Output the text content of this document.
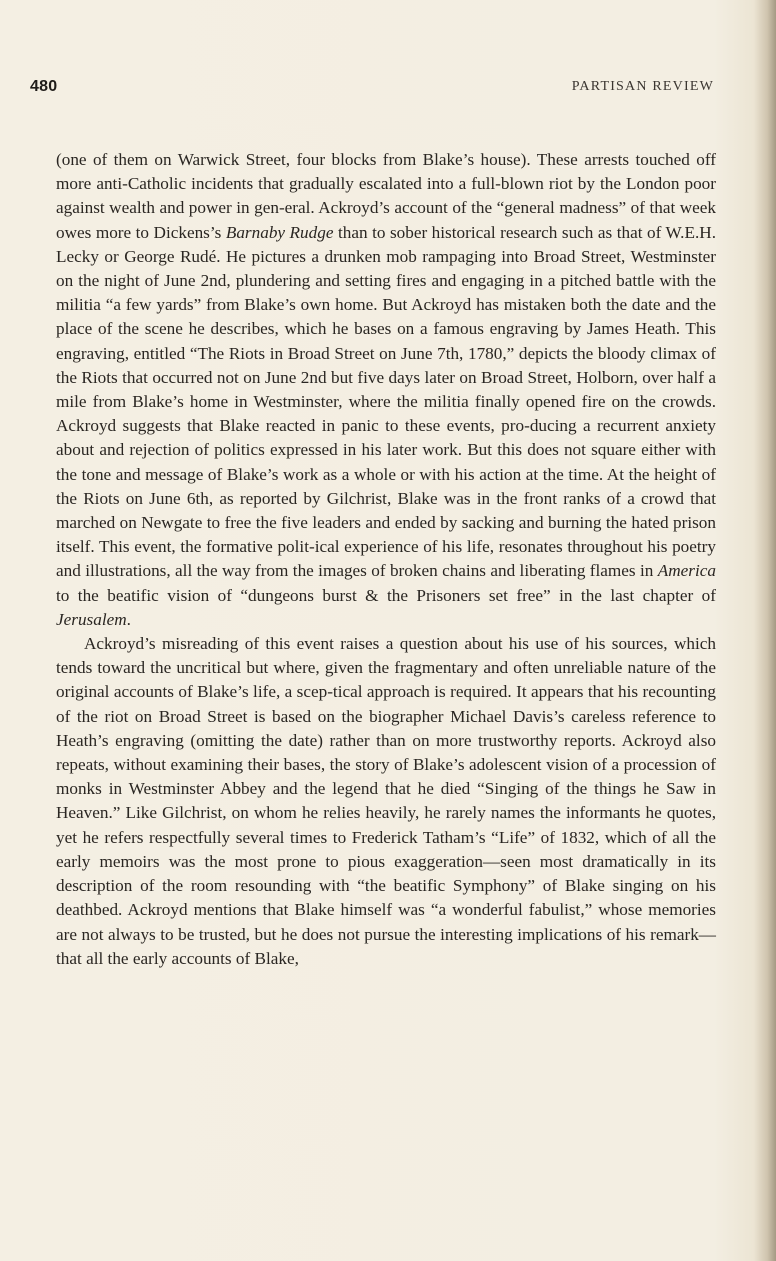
480	PARTISAN REVIEW

(one of them on Warwick Street, four blocks from Blake’s house). These arrests touched off more anti-Catholic incidents that gradually escalated into a full-blown riot by the London poor against wealth and power in gen-eral. Ackroyd’s account of the “general madness” of that week owes more to Dickens’s Barnaby Rudge than to sober historical research such as that of W.E.H. Lecky or George Rudé. He pictures a drunken mob rampaging into Broad Street, Westminster on the night of June 2nd, plundering and setting fires and engaging in a pitched battle with the militia “a few yards” from Blake’s own home. But Ackroyd has mistaken both the date and the place of the scene he describes, which he bases on a famous engraving by James Heath. This engraving, entitled “The Riots in Broad Street on June 7th, 1780,” depicts the bloody climax of the Riots that occurred not on June 2nd but five days later on Broad Street, Holborn, over half a mile from Blake’s home in Westminster, where the militia finally opened fire on the crowds. Ackroyd suggests that Blake reacted in panic to these events, pro-ducing a recurrent anxiety about and rejection of politics expressed in his later work. But this does not square either with the tone and message of Blake’s work as a whole or with his action at the time. At the height of the Riots on June 6th, as reported by Gilchrist, Blake was in the front ranks of a crowd that marched on Newgate to free the five leaders and ended by sacking and burning the hated prison itself. This event, the formative polit-ical experience of his life, resonates throughout his poetry and illustrations, all the way from the images of broken chains and liberating flames in America to the beatific vision of “dungeons burst & the Prisoners set free” in the last chapter of Jerusalem.

Ackroyd’s misreading of this event raises a question about his use of his sources, which tends toward the uncritical but where, given the fragmentary and often unreliable nature of the original accounts of Blake’s life, a scep-tical approach is required. It appears that his recounting of the riot on Broad Street is based on the biographer Michael Davis’s careless reference to Heath’s engraving (omitting the date) rather than on more trustworthy reports. Ackroyd also repeats, without examining their bases, the story of Blake’s adolescent vision of a procession of monks in Westminster Abbey and the legend that he died “Singing of the things he Saw in Heaven.” Like Gilchrist, on whom he relies heavily, he rarely names the informants he quotes, yet he refers respectfully several times to Frederick Tatham’s “Life” of 1832, which of all the early memoirs was the most prone to pious exaggeration—seen most dramatically in its description of the room resounding with “the beatific Symphony” of Blake singing on his deathbed. Ackroyd mentions that Blake himself was “a wonderful fabulist,” whose memories are not always to be trusted, but he does not pursue the interesting implications of his remark—that all the early accounts of Blake,
